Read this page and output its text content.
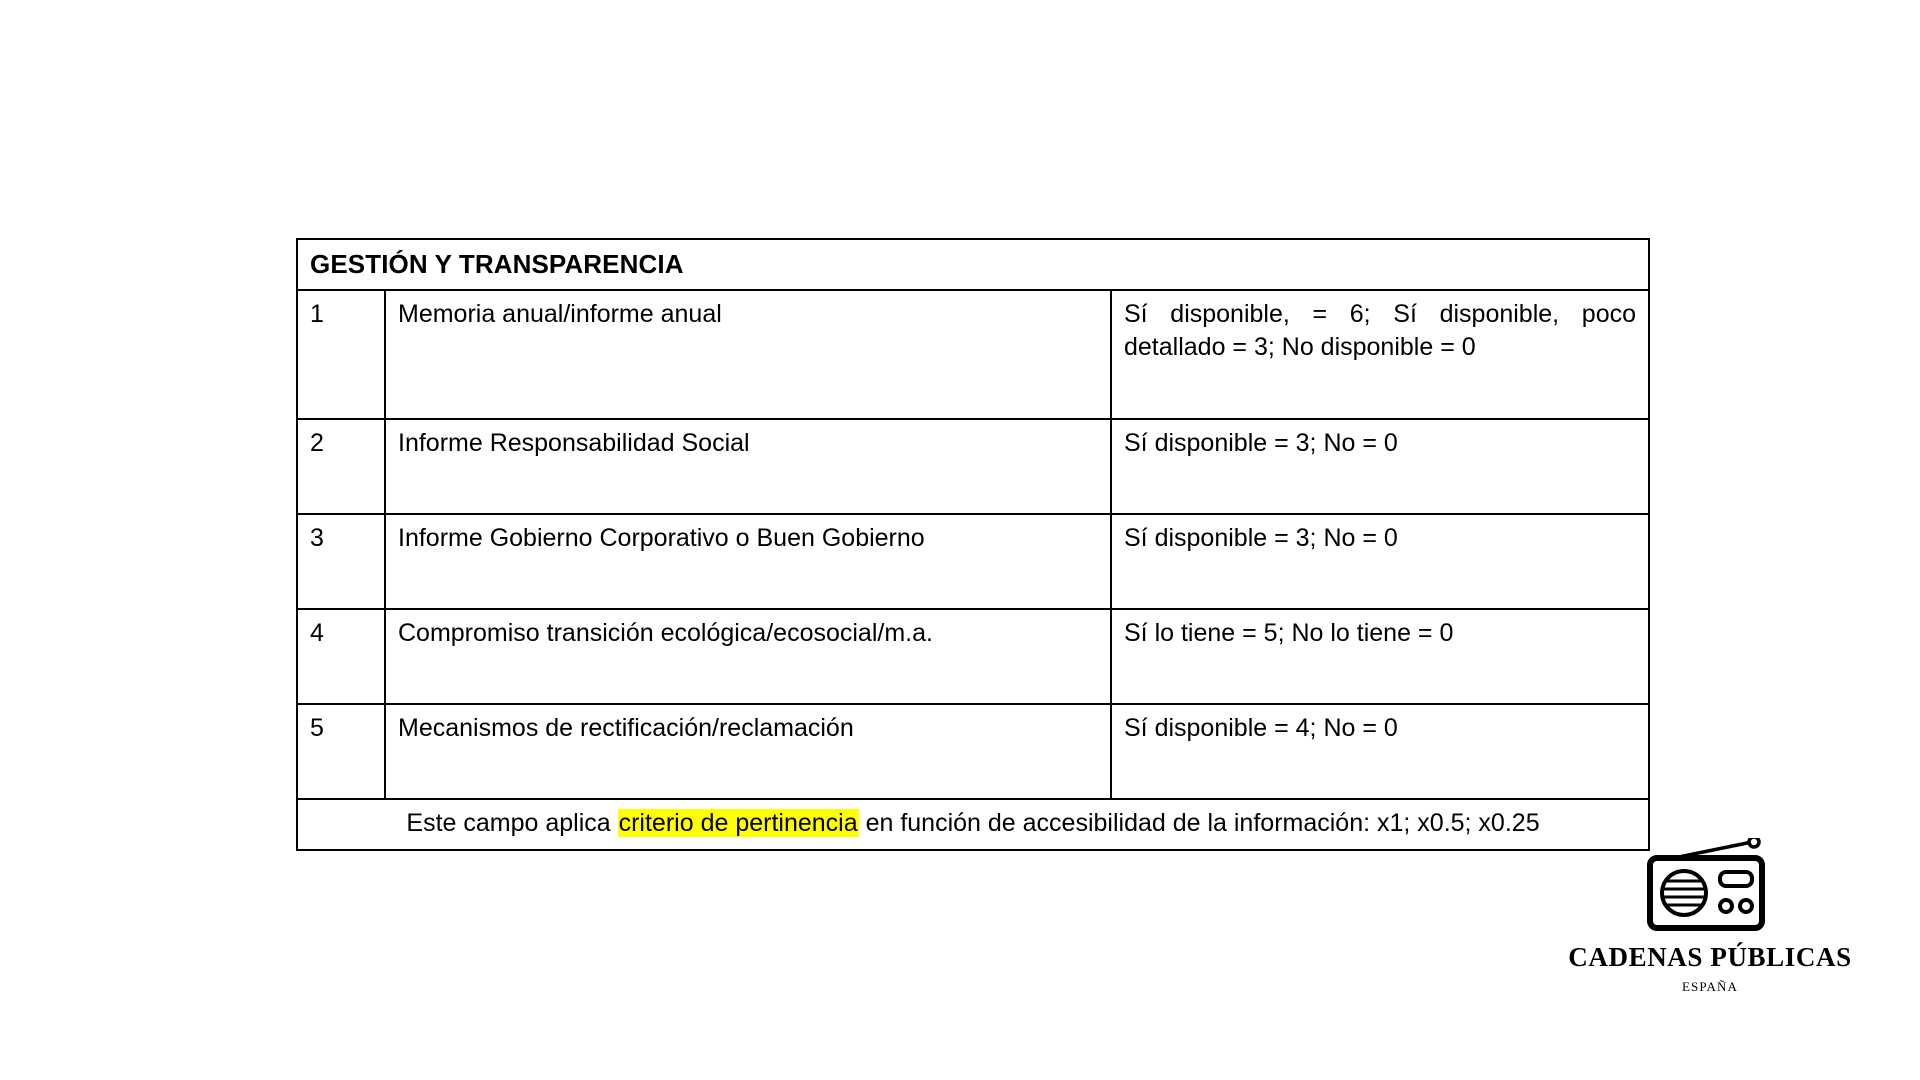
GESTIÓN Y TRANSPARENCIA		
1	Memoria anual/informe anual	Sí disponible, = 6; Sí disponible, poco detallado = 3; No disponible = 0
2	Informe Responsabilidad Social	Sí disponible = 3; No = 0
3	Informe Gobierno Corporativo o Buen Gobierno	Sí disponible = 3; No = 0
4	Compromiso transición ecológica/ecosocial/m.a.	Sí lo tiene = 5; No lo tiene = 0
5	Mecanismos de rectificación/reclamación	Sí disponible = 4; No = 0
Este campo aplica criterio de pertinencia en función de accesibilidad de la información: x1; x0.5; x0.25		
CADENAS PÚBLICAS
ESPAÑA
